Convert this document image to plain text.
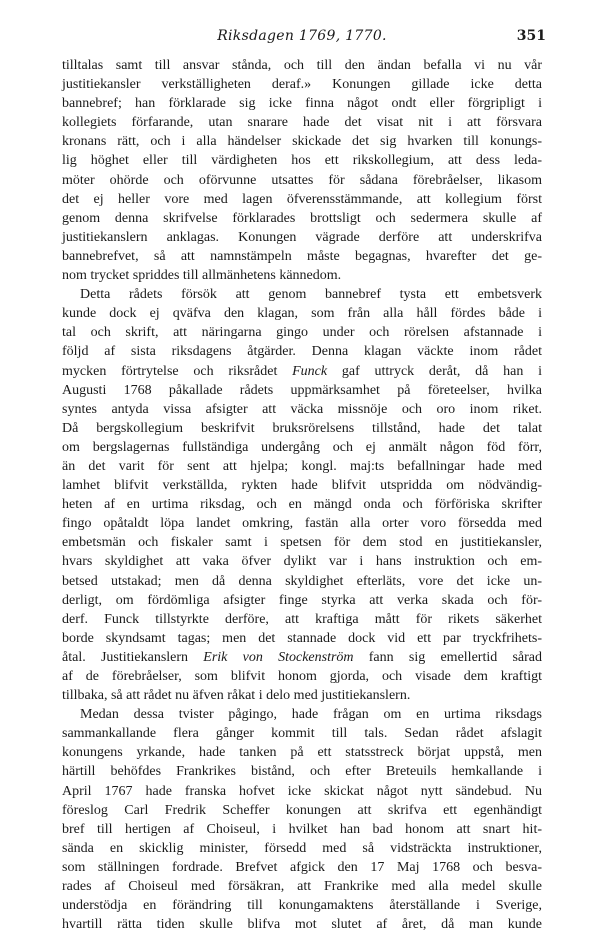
Riksdagen 1769, 1770.	351
tilltalas samt till ansvar stånda, och till den ändan befalla vi nu vår
justitiekansler verkställigheten deraf.» Konungen gillade icke detta
bannebref; han förklarade sig icke finna något ondt eller förgripligt i
kollegiets förfarande, utan snarare hade det visat nit i att försvara
kronans rätt, och i alla händelser skickade det sig hvarken till konungs-
lig höghet eller till värdigheten hos ett rikskollegium, att dess leda-
möter ohörde och oförvunne utsattes för sådana förebråelser, likasom
det ej heller vore med lagen öfverensstämmande, att kollegium först
genom denna skrifvelse förklarades brottsligt och sedermera skulle af
justitiekanslern anklagas. Konungen vägrade derföre att underskrifva
bannebrefvet, så att namnstämpeln måste begagnas, hvarefter det ge-
nom trycket spriddes till allmänhetens kännedom.
Detta rådets försök att genom bannebref tysta ett embetsverk
kunde dock ej qväfva den klagan, som från alla håll fördes både i
tal och skrift, att näringarna gingo under och rörelsen afstannade i
följd af sista riksdagens åtgärder. Denna klagan väckte inom rådet
mycken förtrytelse och riksrådet Funck gaf uttryck deråt, då han i
Augusti 1768 påkallade rådets uppmärksamhet på företeelser, hvilka
syntes antyda vissa afsigter att väcka missnöje och oro inom riket.
Då bergskollegium beskrifvit bruksrörelsens tillstånd, hade det talat
om bergslagernas fullständiga undergång och ej anmält någon föd förr,
än det varit för sent att hjelpa; kongl. maj:ts befallningar hade med
lamhet blifvit verkställda, rykten hade blifvit utspridda om nödvändig-
heten af en urtima riksdag, och en mängd onda och förföriska skrifter
fingo opåtaldt löpa landet omkring, fastän alla orter voro försedda med
embetsmän och fiskaler samt i spetsen för dem stod en justitiekansler,
hvars skyldighet att vaka öfver dylikt var i hans instruktion och em-
betsed utstakad; men då denna skyldighet efterläts, vore det icke un-
derligt, om fördömliga afsigter finge styrka att verka skada och för-
derf. Funck tillstyrkte derföre, att kraftiga mått för rikets säkerhet
borde skyndsamt tagas; men det stannade dock vid ett par tryckfrihets-
åtal. Justitiekanslern Erik von Stockenström fann sig emellertid sårad
af de förebråelser, som blifvit honom gjorda, och visade dem kraftigt
tillbaka, så att rådet nu äfven råkat i delo med justitiekanslern.
Medan dessa tvister pågingo, hade frågan om en urtima riksdags
sammankallande flera gånger kommit till tals. Sedan rådet afslagit
konungens yrkande, hade tanken på ett statsstreck börjat uppstå, men
härtill behöfdes Frankrikes bistånd, och efter Breteuils hemkallande i
April 1767 hade franska hofvet icke skickat något nytt sändebud. Nu
föreslog Carl Fredrik Scheffer konungen att skrifva ett egenhändigt
bref till hertigen af Choiseul, i hvilket han bad honom att snart hit-
sända en skicklig minister, försedd med så vidsträckta instruktioner,
som ställningen fordrade. Brefvet afgick den 17 Maj 1768 och besva-
rades af Choiseul med försäkran, att Frankrike med alla medel skulle
understödja en förändring till konungamaktens återställande i Sverige,
hvartill rätta tiden skulle blifva mot slutet af året, då man kunde
